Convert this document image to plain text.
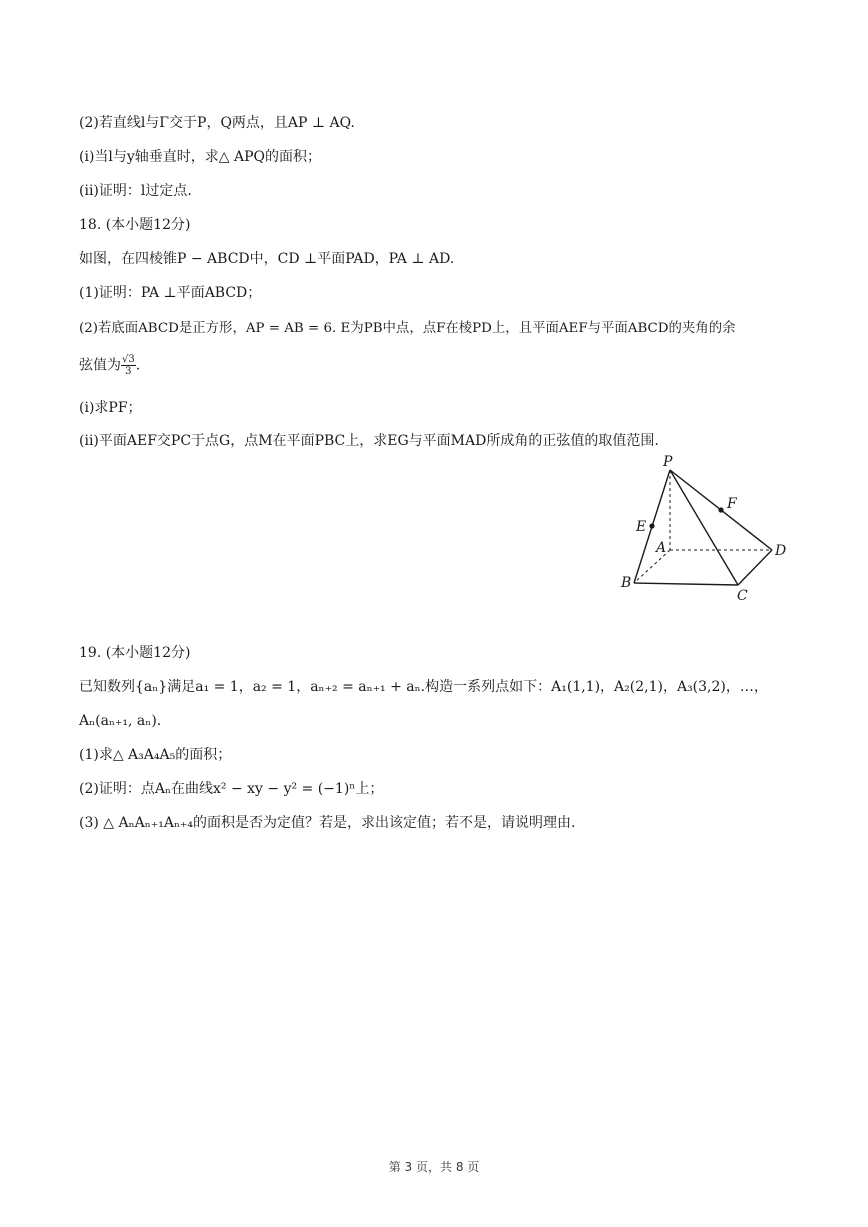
(2)若直线l与Γ交于P，Q两点，且AP ⊥ AQ.
(i)当l与y轴垂直时，求△ APQ的面积；
(ii)证明：l过定点.
18. (本小题12分)
如图，在四棱锥P − ABCD中，CD ⊥平面PAD，PA ⊥ AD.
(1)证明：PA ⊥平面ABCD；
(2)若底面ABCD是正方形，AP = AB = 6. E为PB中点，点F在棱PD上，且平面AEF与平面ABCD的夹角的余
弦值为 $\frac{√3}{3}$ .
(i)求PF；
(ii)平面AEF交PC于点G，点M在平面PBC上，求EG与平面MAD所成角的正弦值的取值范围.
P
F
E
A	D
B
C
19. (本小题12分)
已知数列{aₙ}满足a₁ = 1，a₂ = 1，aₙ₊₂ = aₙ₊₁ + aₙ.构造一系列点如下：A₁(1,1)，A₂(2,1)，A₃(3,2)，…，
Aₙ(aₙ₊₁, aₙ).
(1)求△ A₃A₄A₅的面积；
(2)证明：点Aₙ在曲线x² − xy − y² = (−1)ⁿ上；
(3) △ AₙAₙ₊₁Aₙ₊₄的面积是否为定值？若是，求出该定值；若不是，请说明理由.
第 3 页，共 8 页
